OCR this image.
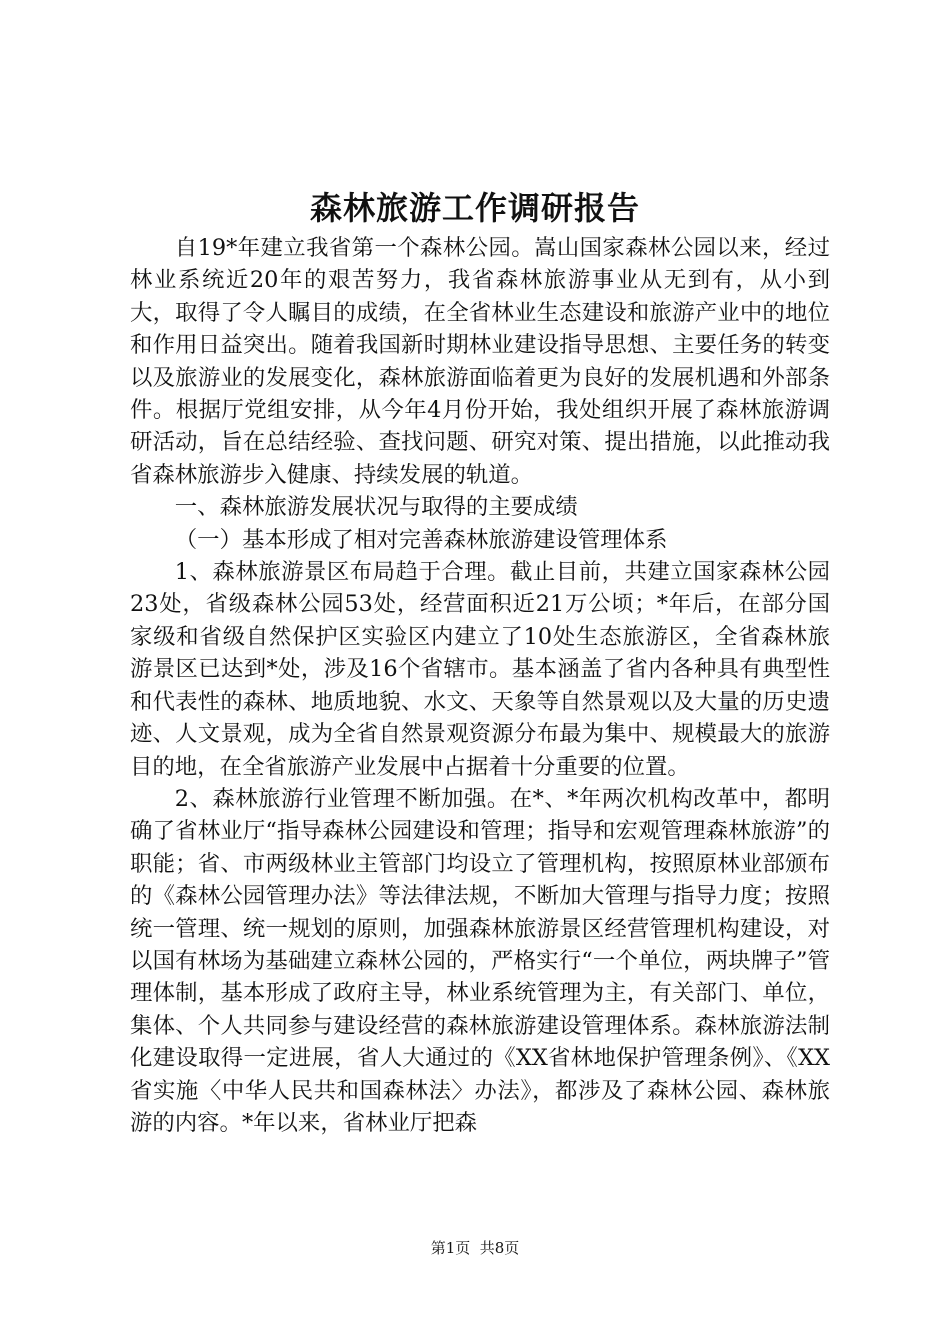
森林旅游工作调研报告

自19*年建立我省第一个森林公园。嵩山国家森林公园以来，经过林业系统近20年的艰苦努力，我省森林旅游事业从无到有，从小到大，取得了令人瞩目的成绩，在全省林业生态建设和旅游产业中的地位和作用日益突出。随着我国新时期林业建设指导思想、主要任务的转变以及旅游业的发展变化，森林旅游面临着更为良好的发展机遇和外部条件。根据厅党组安排，从今年4月份开始，我处组织开展了森林旅游调研活动，旨在总结经验、查找问题、研究对策、提出措施，以此推动我省森林旅游步入健康、持续发展的轨道。

一、森林旅游发展状况与取得的主要成绩

（一）基本形成了相对完善森林旅游建设管理体系

1、森林旅游景区布局趋于合理。截止目前，共建立国家森林公园23处，省级森林公园53处，经营面积近21万公顷；*年后，在部分国家级和省级自然保护区实验区内建立了10处生态旅游区，全省森林旅游景区已达到*处，涉及16个省辖市。基本涵盖了省内各种具有典型性和代表性的森林、地质地貌、水文、天象等自然景观以及大量的历史遗迹、人文景观，成为全省自然景观资源分布最为集中、规模最大的旅游目的地，在全省旅游产业发展中占据着十分重要的位置。

2、森林旅游行业管理不断加强。在*、*年两次机构改革中，都明确了省林业厅“指导森林公园建设和管理；指导和宏观管理森林旅游”的职能；省、市两级林业主管部门均设立了管理机构，按照原林业部颁布的《森林公园管理办法》等法律法规，不断加大管理与指导力度；按照统一管理、统一规划的原则，加强森林旅游景区经营管理机构建设，对以国有林场为基础建立森林公园的，严格实行“一个单位，两块牌子”管理体制，基本形成了政府主导，林业系统管理为主，有关部门、单位，集体、个人共同参与建设经营的森林旅游建设管理体系。森林旅游法制化建设取得一定进展，省人大通过的《XX省林地保护管理条例》、《XX省实施〈中华人民共和国森林法〉办法》，都涉及了森林公园、森林旅游的内容。*年以来，省林业厅把森

第1页  共8页
